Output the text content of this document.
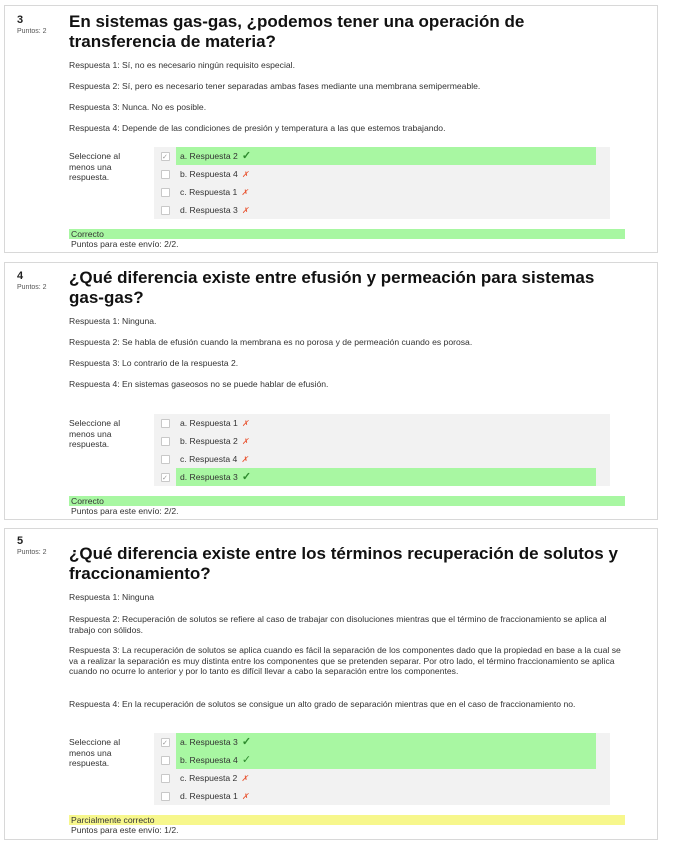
3
Puntos: 2
En sistemas gas-gas, ¿podemos tener una operación de transferencia de materia?
Respuesta 1: Sí, no es necesario ningún requisito especial.
Respuesta 2: Sí, pero es necesario tener separadas ambas fases mediante una membrana semipermeable.
Respuesta 3: Nunca. No es posible.
Respuesta 4: Depende de las condiciones de presión y temperatura a las que estemos trabajando.
Seleccione al menos una respuesta.
✓
a. Respuesta 2 ✓
b. Respuesta 4 ✗
c. Respuesta 1 ✗
d. Respuesta 3 ✗
Correcto
Puntos para este envío: 2/2.
4
Puntos: 2
¿Qué diferencia existe entre efusión y permeación para sistemas gas-gas?
Respuesta 1: Ninguna.
Respuesta 2: Se habla de efusión cuando la membrana es no porosa y de permeación cuando es porosa.
Respuesta 3: Lo contrario de la respuesta 2.
Respuesta 4: En sistemas gaseosos no se puede hablar de efusión.
Seleccione al menos una respuesta.
a. Respuesta 1 ✗
b. Respuesta 2 ✗
c. Respuesta 4 ✗
✓
d. Respuesta 3 ✓
Correcto
Puntos para este envío: 2/2.
5
Puntos: 2 ¿Qué diferencia existe entre los términos recuperación de solutos y fraccionamiento?
Respuesta 1: Ninguna
Respuesta 2: Recuperación de solutos se refiere al caso de trabajar con disoluciones mientras que el término de fraccionamiento se aplica al trabajo con sólidos.
Respuesta 3: La recuperación de solutos se aplica cuando es fácil la separación de los componentes dado que la propiedad en base a la cual se va a realizar la separación es muy distinta entre los componentes que se pretenden separar. Por otro lado, el término fraccionamiento se aplica cuando no ocurre lo anterior y por lo tanto es difícil llevar a cabo la separación entre los componentes.
Respuesta 4: En la recuperación de solutos se consigue un alto grado de separación mientras que en el caso de fraccionamiento no.
Seleccione al menos una respuesta.
✓
a. Respuesta 3 ✓
b. Respuesta 4 ✓
c. Respuesta 2 ✗
d. Respuesta 1 ✗
Parcialmente correcto
Puntos para este envío: 1/2.
